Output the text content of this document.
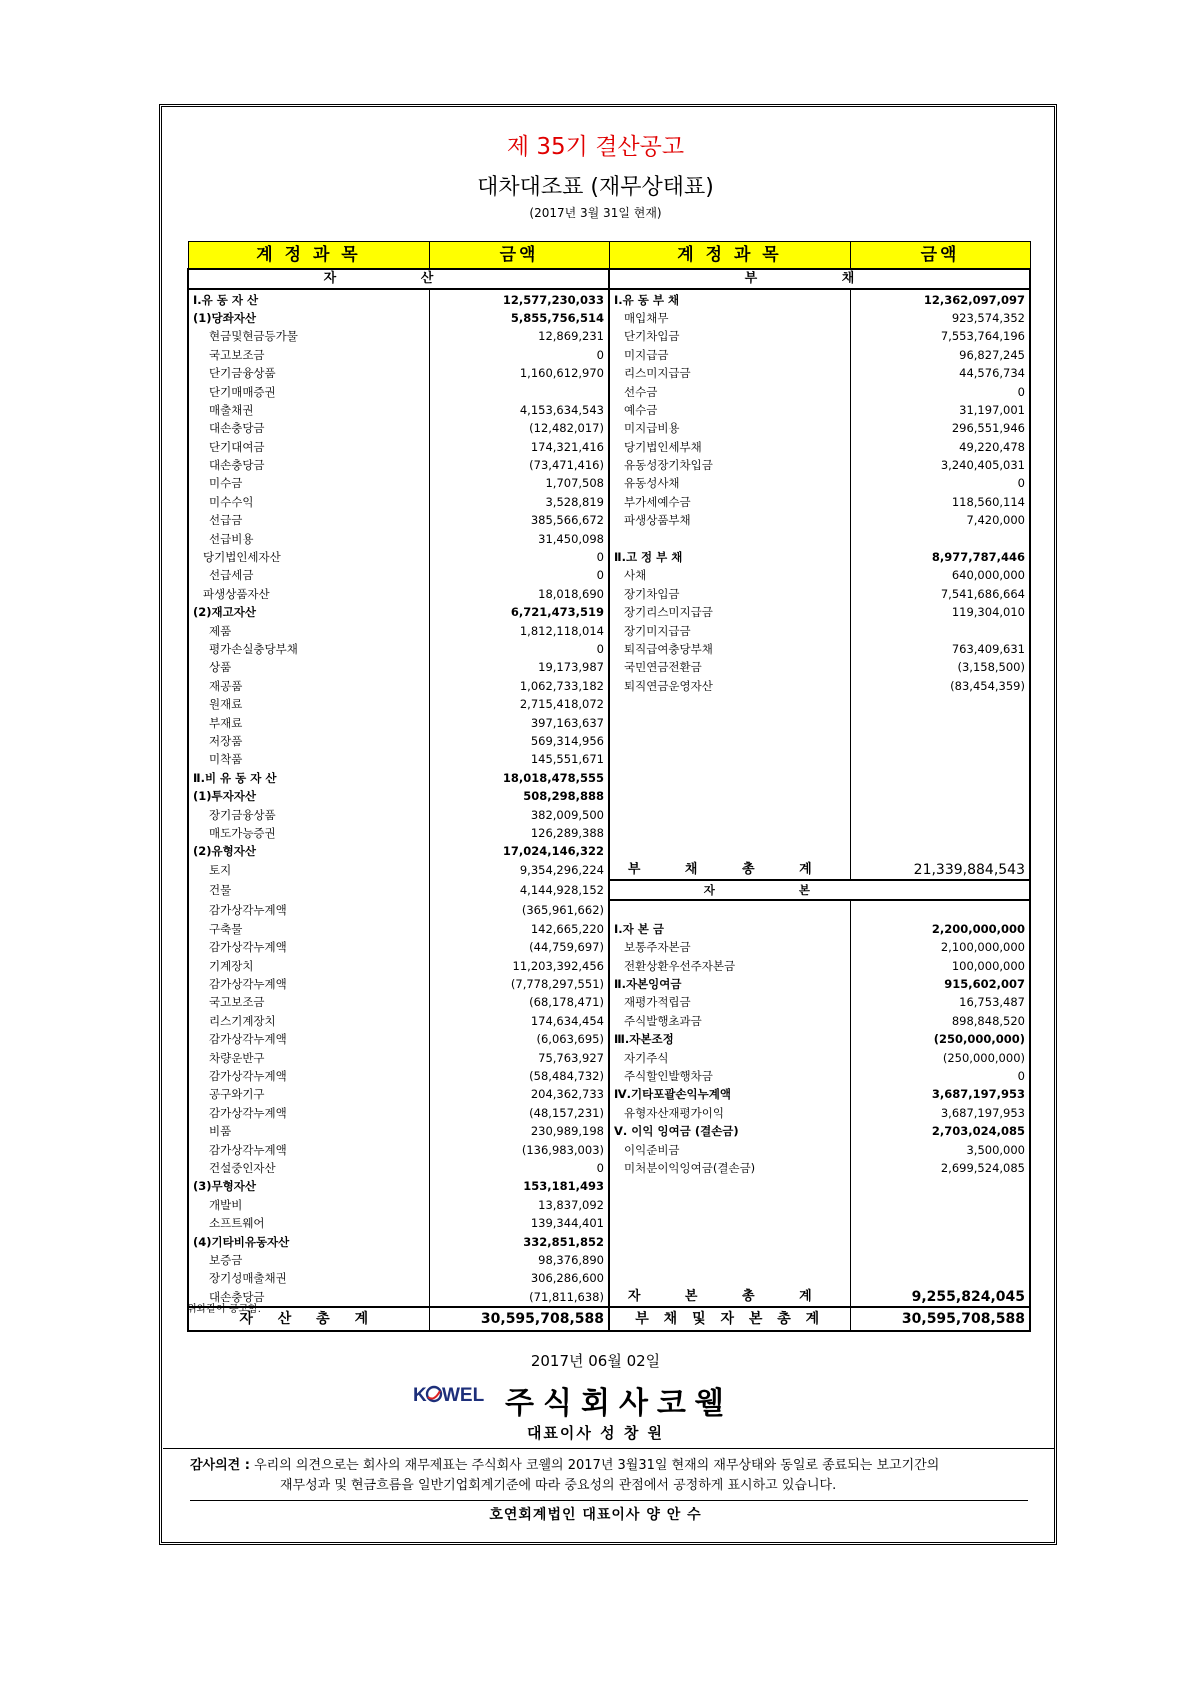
제 35기 결산공고
대차대조표 (재무상태표)
(2017년 3월 31일 현재)
계 정 과 목	금액	계 정 과 목	금액
자 산		부 채	
Ⅰ.유 동 자 산	12,577,230,033	Ⅰ.유 동 부 채	12,362,097,097
(1)당좌자산	5,855,756,514	매입채무	923,574,352
현금및현금등가물	12,869,231	단기차입금	7,553,764,196
국고보조금	0	미지급금	96,827,245
단기금융상품	1,160,612,970	리스미지급금	44,576,734
단기매매증권		선수금	0
매출채권	4,153,634,543	예수금	31,197,001
대손충당금	(12,482,017)	미지급비용	296,551,946
단기대여금	174,321,416	당기법인세부채	49,220,478
대손충당금	(73,471,416)	유동성장기차입금	3,240,405,031
미수금	1,707,508	유동성사채	0
미수수익	3,528,819	부가세예수금	118,560,114
선급금	385,566,672	파생상품부채	7,420,000
선급비용	31,450,098		
당기법인세자산	0	Ⅱ.고 정 부 채	8,977,787,446
선급세금	0	사채	640,000,000
파생상품자산	18,018,690	장기차입금	7,541,686,664
(2)재고자산	6,721,473,519	장기리스미지급금	119,304,010
제품	1,812,118,014	장기미지급금	
평가손실충당부채	0	퇴직급여충당부채	763,409,631
상품	19,173,987	국민연금전환금	(3,158,500)
재공품	1,062,733,182	퇴직연금운영자산	(83,454,359)
원재료	2,715,418,072		
부재료	397,163,637		
저장품	569,314,956		
미착품	145,551,671		
Ⅱ.비 유 동 자 산	18,018,478,555		
(1)투자자산	508,298,888		
장기금융상품	382,009,500		
매도가능증권	126,289,388		
(2)유형자산	17,024,146,322		
토지	9,354,296,224	부 채 총 계	21,339,884,543
건물	4,144,928,152	자 본	
감가상각누계액	(365,961,662)		
구축물	142,665,220	Ⅰ.자 본 금	2,200,000,000
감가상각누계액	(44,759,697)	보통주자본금	2,100,000,000
기계장치	11,203,392,456	전환상환우선주자본금	100,000,000
감가상각누계액	(7,778,297,551)	Ⅱ.자본잉여금	915,602,007
국고보조금	(68,178,471)	재평가적립금	16,753,487
리스기계장치	174,634,454	주식발행초과금	898,848,520
감가상각누계액	(6,063,695)	Ⅲ.자본조정	(250,000,000)
차량운반구	75,763,927	자기주식	(250,000,000)
감가상각누계액	(58,484,732)	주식할인발행차금	0
공구와기구	204,362,733	Ⅳ.기타포괄손익누계액	3,687,197,953
감가상각누계액	(48,157,231)	유형자산재평가이익	3,687,197,953
비품	230,989,198	Ⅴ. 이익 잉여금 (결손금)	2,703,024,085
감가상각누계액	(136,983,003)	이익준비금	3,500,000
건설중인자산	0	미처분이익잉여금(결손금)	2,699,524,085
(3)무형자산	153,181,493		
개발비	13,837,092		
소프트웨어	139,344,401		
(4)기타비유동자산	332,851,852		
보증금	98,376,890		
장기성매출채권	306,286,600		
대손충당금	(71,811,638)	자 본 총 계	9,255,824,045
자 산 총 계	30,595,708,588	부 채 및 자 본 총 계	30,595,708,588
위와같이 공고함.
2017년 06월 02일
K WEL 주식회사코웰
대표이사 성 창 원
감사의견 : 우리의 의견으로는 회사의 재무제표는 주식회사 코웰의 2017년 3월31일 현재의 재무상태와 동일로 종료되는 보고기간의
재무성과 및 현금흐름을 일반기업회계기준에 따라 중요성의 관점에서 공정하게 표시하고 있습니다.
호연회계법인 대표이사 양 안 수
